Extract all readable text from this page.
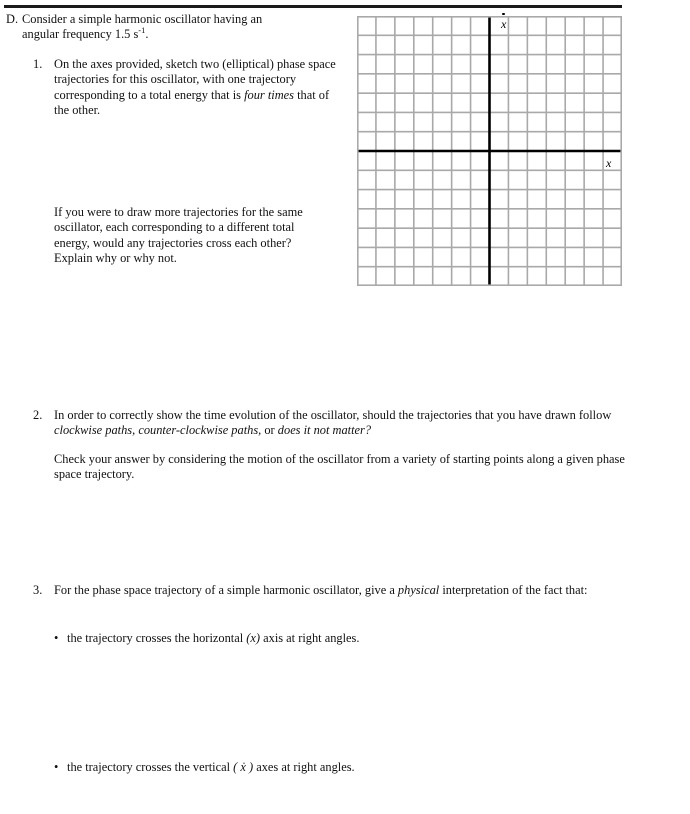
D. Consider a simple harmonic oscillator having an
angular frequency 1.5 $s^{-1}$.
1. On the axes provided, sketch two (elliptical) phase space trajectories for this oscillator, with one trajectory corresponding to a total energy that is four times that of the other.
If you were to draw more trajectories for the same oscillator, each corresponding to a different total energy, would any trajectories cross each other? Explain why or why not.
x
x
2. In order to correctly show the time evolution of the oscillator, should the trajectories that you have drawn follow clockwise paths, counter-clockwise paths, or does it not matter?
Check your answer by considering the motion of the oscillator from a variety of starting points along a given phase space trajectory.
3. For the phase space trajectory of a simple harmonic oscillator, give a physical interpretation of the fact that:
• the trajectory crosses the horizontal (x) axis at right angles.
• the trajectory crosses the vertical ( ẋ ) axes at right angles.
